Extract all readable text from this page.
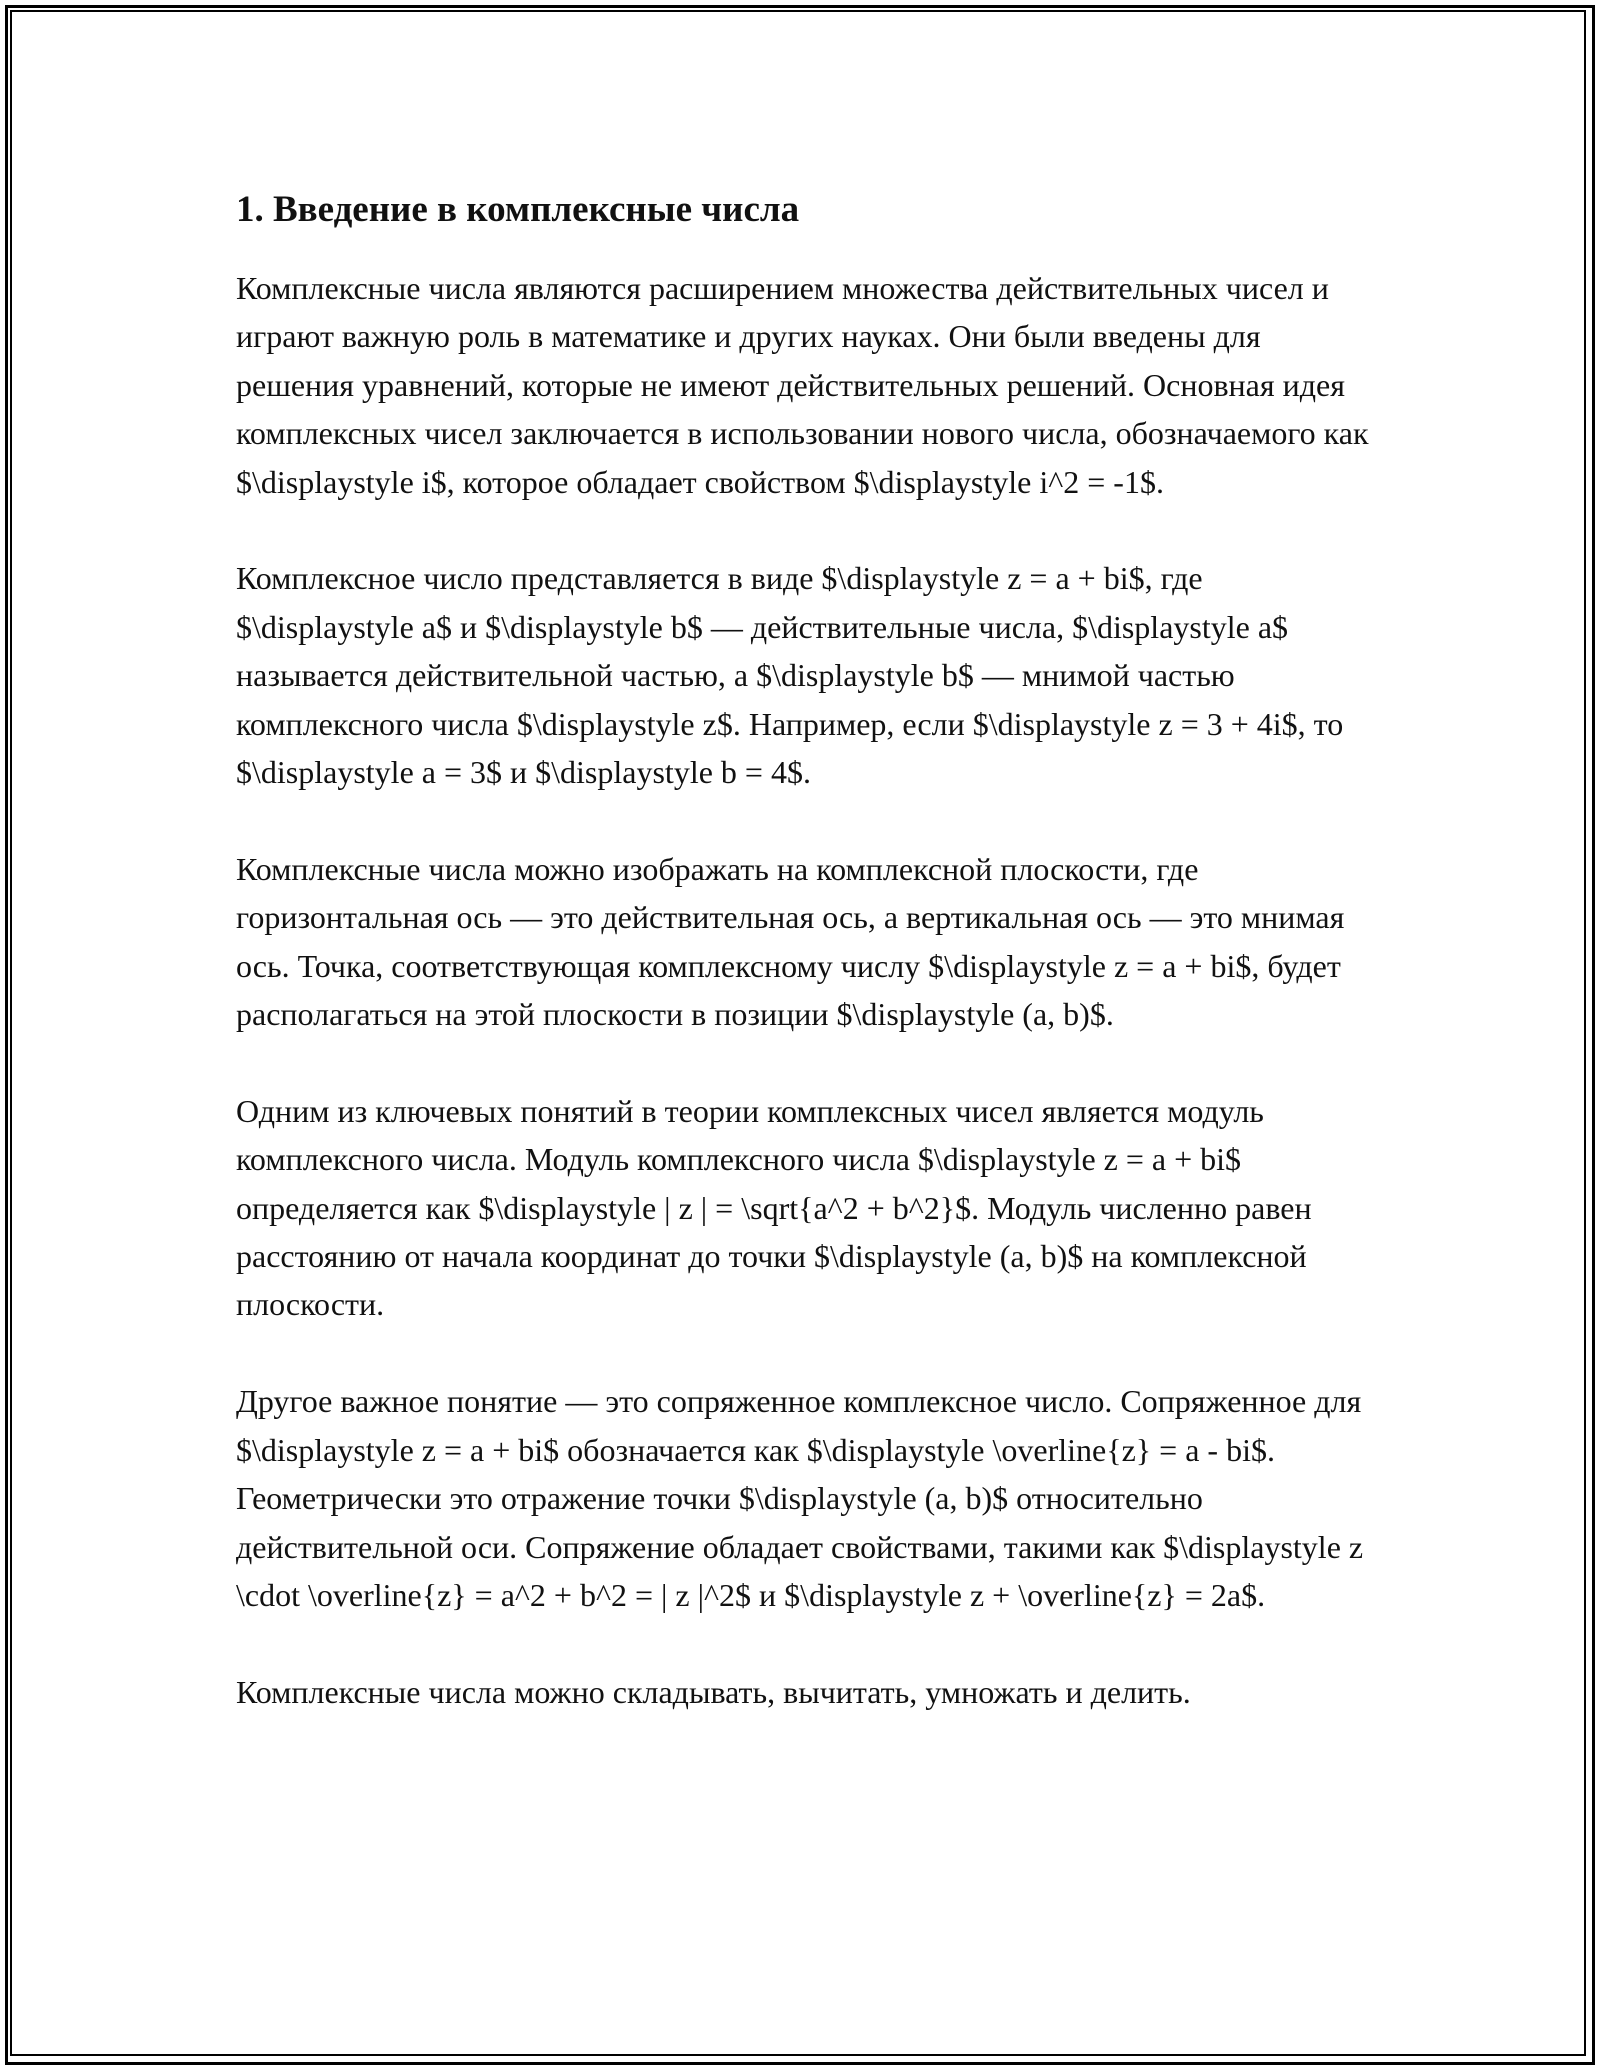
1. Введение в комплексные числа

Комплексные числа являются расширением множества действительных чисел и играют важную роль в математике и других науках. Они были введены для решения уравнений, которые не имеют действительных решений. Основная идея комплексных чисел заключается в использовании нового числа, обозначаемого как $\displaystyle i$, которое обладает свойством $\displaystyle i^2 = -1$.

Комплексное число представляется в виде $\displaystyle z = a + bi$, где $\displaystyle a$ и $\displaystyle b$ — действительные числа, $\displaystyle a$ называется действительной частью, а $\displaystyle b$ — мнимой частью комплексного числа $\displaystyle z$. Например, если $\displaystyle z = 3 + 4i$, то $\displaystyle a = 3$ и $\displaystyle b = 4$.

Комплексные числа можно изображать на комплексной плоскости, где горизонтальная ось — это действительная ось, а вертикальная ось — это мнимая ось. Точка, соответствующая комплексному числу $\displaystyle z = a + bi$, будет располагаться на этой плоскости в позиции $\displaystyle (a, b)$.

Одним из ключевых понятий в теории комплексных чисел является модуль комплексного числа. Модуль комплексного числа $\displaystyle z = a + bi$ определяется как $\displaystyle | z | = \sqrt{a^2 + b^2}$. Модуль численно равен расстоянию от начала координат до точки $\displaystyle (a, b)$ на комплексной плоскости.

Другое важное понятие — это сопряженное комплексное число. Сопряженное для $\displaystyle z = a + bi$ обозначается как $\displaystyle \overline{z} = a - bi$. Геометрически это отражение точки $\displaystyle (a, b)$ относительно действительной оси. Сопряжение обладает свойствами, такими как $\displaystyle z \cdot \overline{z} = a^2 + b^2 = | z |^2$ и $\displaystyle z + \overline{z} = 2a$.

Комплексные числа можно складывать, вычитать, умножать и делить.
